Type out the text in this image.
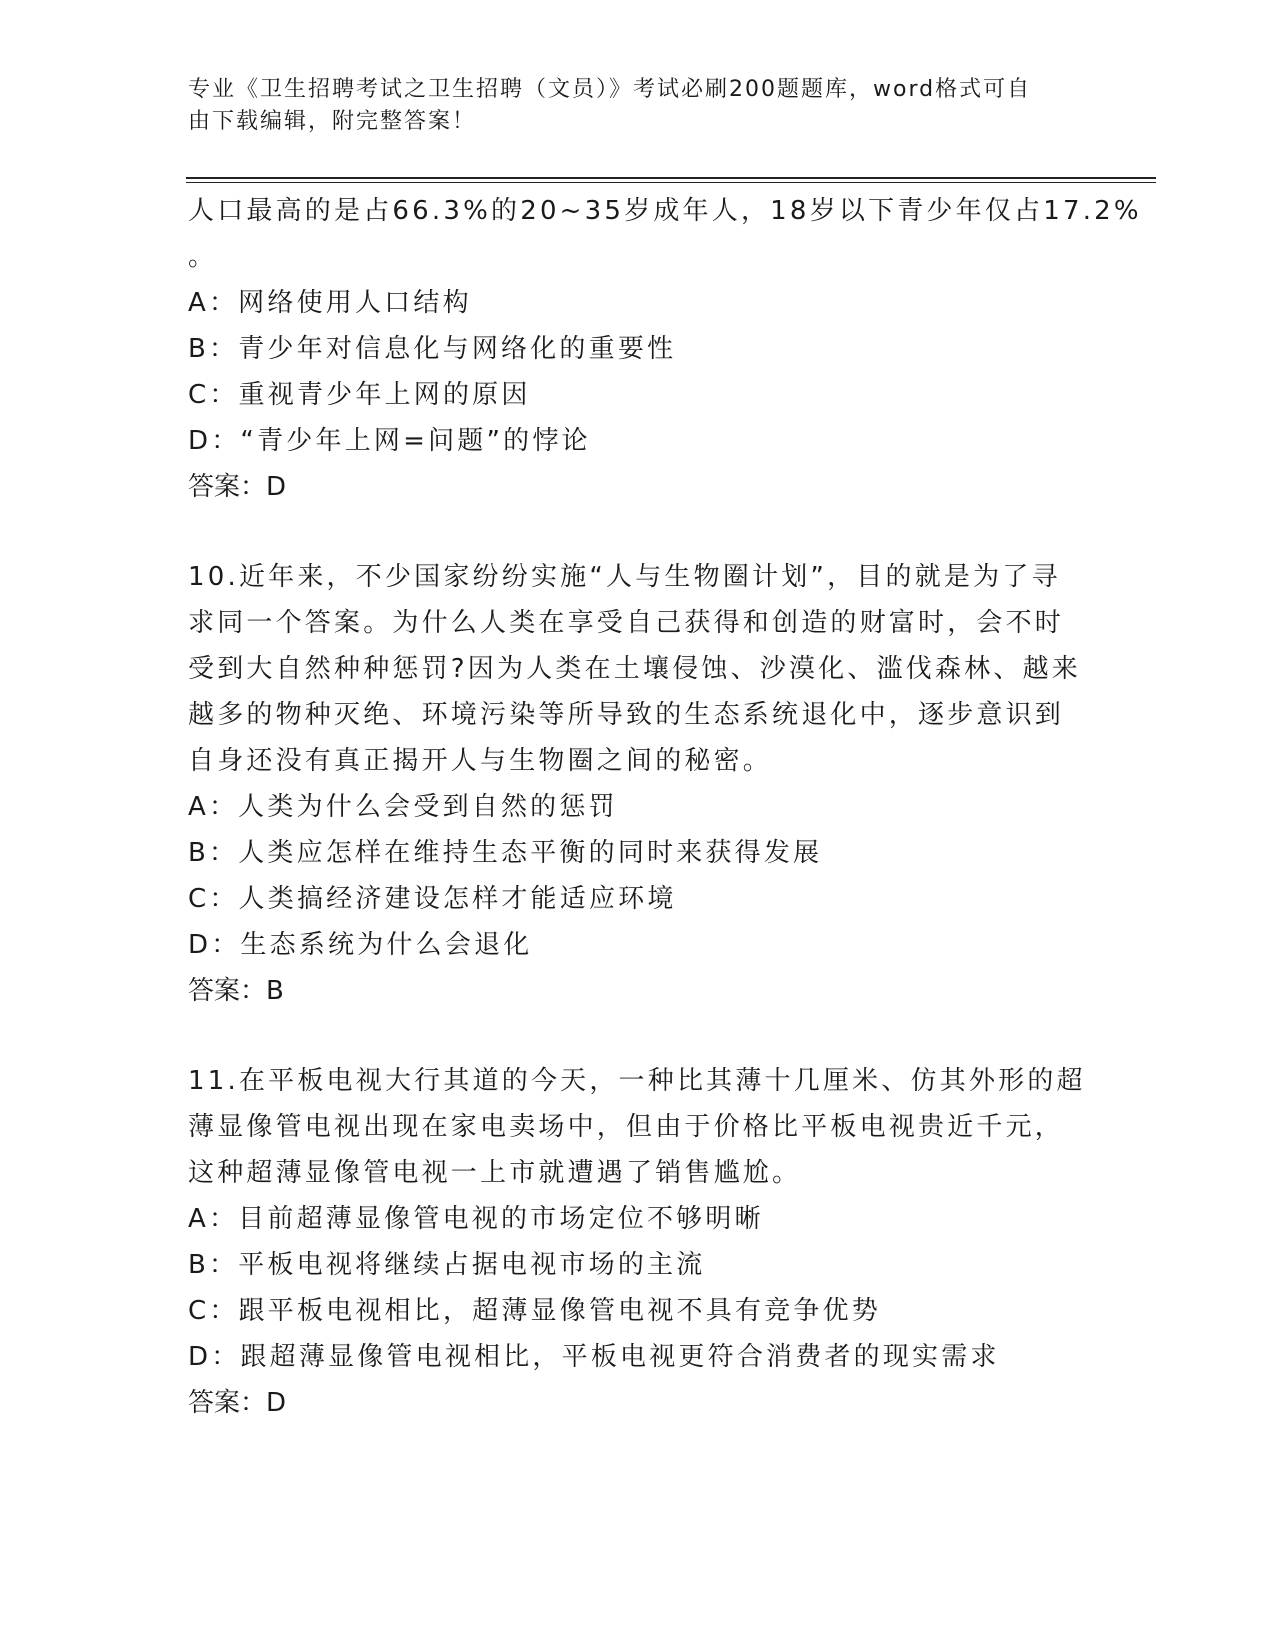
专业《卫生招聘考试之卫生招聘（文员）》考试必刷200题题库，word格式可自
由下载编辑，附完整答案！
人口最高的是占66.3%的20~35岁成年人，18岁以下青少年仅占17.2%
。
A：网络使用人口结构
B：青少年对信息化与网络化的重要性
C：重视青少年上网的原因
D：“青少年上网=问题”的悖论
答案：D
10.近年来，不少国家纷纷实施“人与生物圈计划”，目的就是为了寻
求同一个答案。为什么人类在享受自己获得和创造的财富时，会不时
受到大自然种种惩罚?因为人类在土壤侵蚀、沙漠化、滥伐森林、越来
越多的物种灭绝、环境污染等所导致的生态系统退化中，逐步意识到
自身还没有真正揭开人与生物圈之间的秘密。
A：人类为什么会受到自然的惩罚
B：人类应怎样在维持生态平衡的同时来获得发展
C：人类搞经济建设怎样才能适应环境
D：生态系统为什么会退化
答案：B
11.在平板电视大行其道的今天，一种比其薄十几厘米、仿其外形的超
薄显像管电视出现在家电卖场中，但由于价格比平板电视贵近千元，
这种超薄显像管电视一上市就遭遇了销售尴尬。
A：目前超薄显像管电视的市场定位不够明晰
B：平板电视将继续占据电视市场的主流
C：跟平板电视相比，超薄显像管电视不具有竞争优势
D：跟超薄显像管电视相比，平板电视更符合消费者的现实需求
答案：D
